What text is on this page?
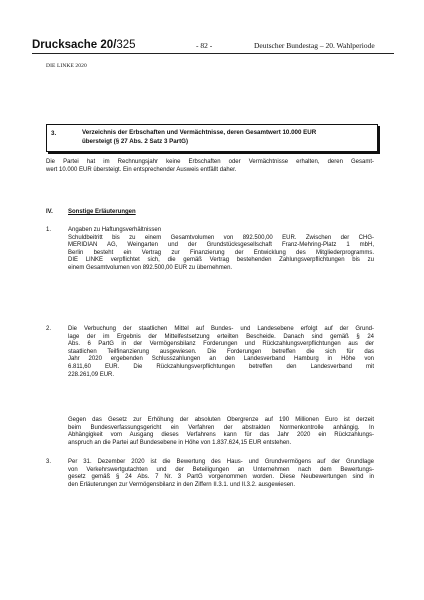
Drucksache 20/325	- 82 -	Deutscher Bundestag – 20. Wahlperiode
DIE LINKE 2020
3.	Verzeichnis der Erbschaften und Vermächtnisse, deren Gesamtwert 10.000 EUR
übersteigt (§ 27 Abs. 2 Satz 3 PartG)
Die Partei hat im Rechnungsjahr keine Erbschaften oder Vermächtnisse erhalten, deren Gesamt-
wert 10.000 EUR übersteigt. Ein entsprechender Ausweis entfällt daher.
IV.	Sonstige Erläuterungen
1.	Angaben zu Haftungsverhältnissen
Schuldbeitritt bis zu einem Gesamtvolumen von 892.500,00 EUR. Zwischen der CHG-
MERIDIAN AG, Weingarten und der Grundstücksgesellschaft Franz-Mehring-Platz 1 mbH,
Berlin besteht ein Vertrag zur Finanzierung der Entwicklung des Mitgliederprogramms.
DIE LINKE verpflichtet sich, die gemäß Vertrag bestehenden Zahlungsverpflichtungen bis zu
einem Gesamtvolumen von 892.500,00 EUR zu übernehmen.
2.	Die Verbuchung der staatlichen Mittel auf Bundes- und Landesebene erfolgt auf der Grund-
lage der im Ergebnis der Mittelfestsetzung erteilten Bescheide. Danach sind gemäß § 24
Abs. 6 PartG in der Vermögensbilanz Forderungen und Rückzahlungsverpflichtungen aus der
staatlichen Teilfinanzierung ausgewiesen. Die Forderungen betreffen die sich für das
Jahr 2020 ergebenden Schlusszahlungen an den Landesverband Hamburg in Höhe von
6.811,60 EUR. Die Rückzahlungsverpflichtungen betreffen den Landesverband mit
228.261,09 EUR.
Gegen das Gesetz zur Erhöhung der absoluten Obergrenze auf 190 Millionen Euro ist derzeit
beim Bundesverfassungsgericht ein Verfahren der abstrakten Normenkontrolle anhängig. In
Abhängigkeit vom Ausgang dieses Verfahrens kann für das Jahr 2020 ein Rückzahlungs-
anspruch an die Partei auf Bundesebene in Höhe von 1.837.624,15 EUR entstehen.
3.	Per 31. Dezember 2020 ist die Bewertung des Haus- und Grundvermögens auf der Grundlage
von Verkehrswertgutachten und der Beteiligungen an Unternehmen nach dem Bewertungs-
gesetz gemäß § 24 Abs. 7 Nr. 3 PartG vorgenommen worden. Diese Neubewertungen sind in
den Erläuterungen zur Vermögensbilanz in den Ziffern II.3.1. und II.3.2. ausgewiesen.
